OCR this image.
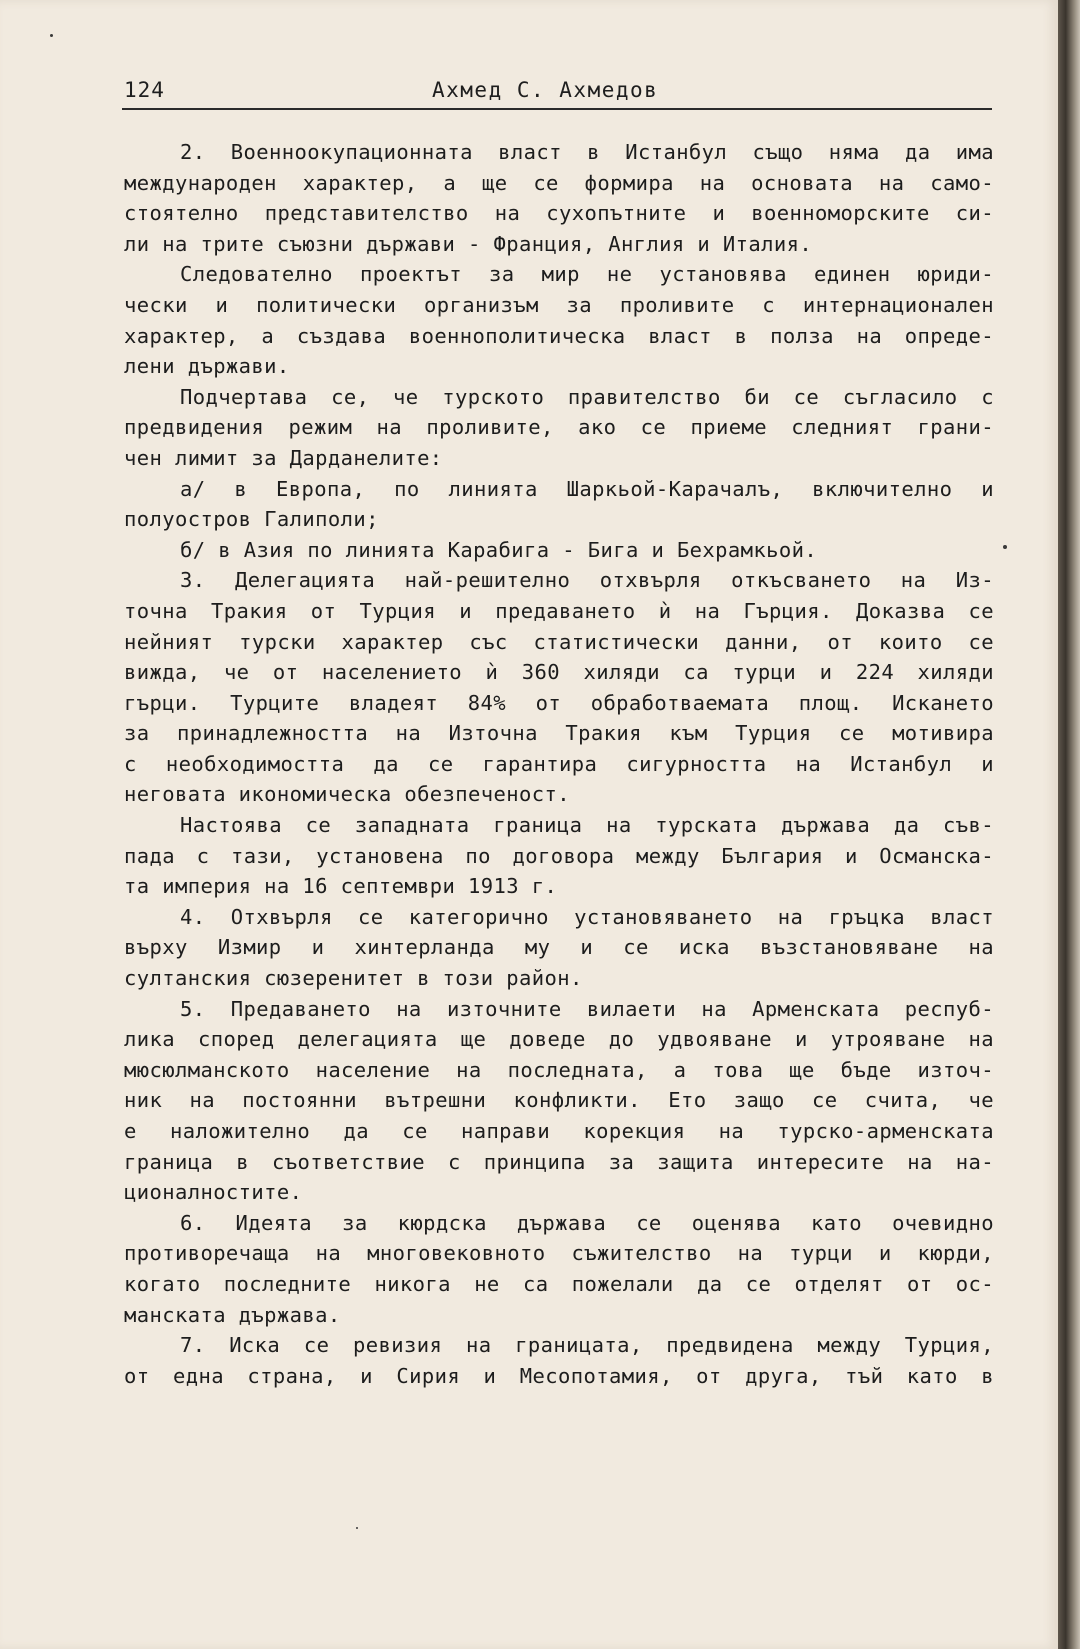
124	Ахмед С. Ахмедов
2. Военноокупационната власт в Истанбул също няма да има
международен характер, а ще се формира на основата на само-
стоятелно представителство на сухопътните и военноморските си-
ли на трите съюзни държави - Франция, Англия и Италия.
Следователно проектът за мир не установява единен юриди-
чески и политически организъм за проливите с интернационален
характер, а създава военнополитическа власт в полза на опреде-
лени държави.
Подчертава се, че турското правителство би се съгласило с
предвидения режим на проливите, ако се приеме следният грани-
чен лимит за Дарданелите:
а/ в Европа, по линията Шаркьой-Карачалъ, включително и
полуостров Галиполи;
б/ в Азия по линията Карабига - Бига и Бехрамкьой.
3. Делегацията най-решително отхвърля откъсването на Из-
точна Тракия от Турция и предаването ѝ на Гърция. Доказва се
нейният турски характер със статистически данни, от които се
вижда, че от населението ѝ 360 хиляди са турци и 224 хиляди
гърци. Турците владеят 84% от обработваемата площ. Искането
за принадлежността на Източна Тракия към Турция се мотивира
с необходимостта да се гарантира сигурността на Истанбул и
неговата икономическа обезпеченост.
Настоява се западната граница на турската държава да съв-
пада с тази, установена по договора между България и Османска-
та империя на 16 септември 1913 г.
4. Отхвърля се категорично установяването на гръцка власт
върху Измир и хинтерланда му и се иска възстановяване на
султанския сюзеренитет в този район.
5. Предаването на източните вилаети на Арменската респуб-
лика според делегацията ще доведе до удвояване и утрояване на
мюсюлманското население на последната, а това ще бъде източ-
ник на постоянни вътрешни конфликти. Ето защо се счита, че
е наложително да се направи корекция на турско-арменската
граница в съответствие с принципа за защита интересите на на-
ционалностите.
6. Идеята за кюрдска държава се оценява като очевидно
противоречаща на многовековното съжителство на турци и кюрди,
когато последните никога не са пожелали да се отделят от ос-
манската държава.
7. Иска се ревизия на границата, предвидена между Турция,
от една страна, и Сирия и Месопотамия, от друга, тъй като в
